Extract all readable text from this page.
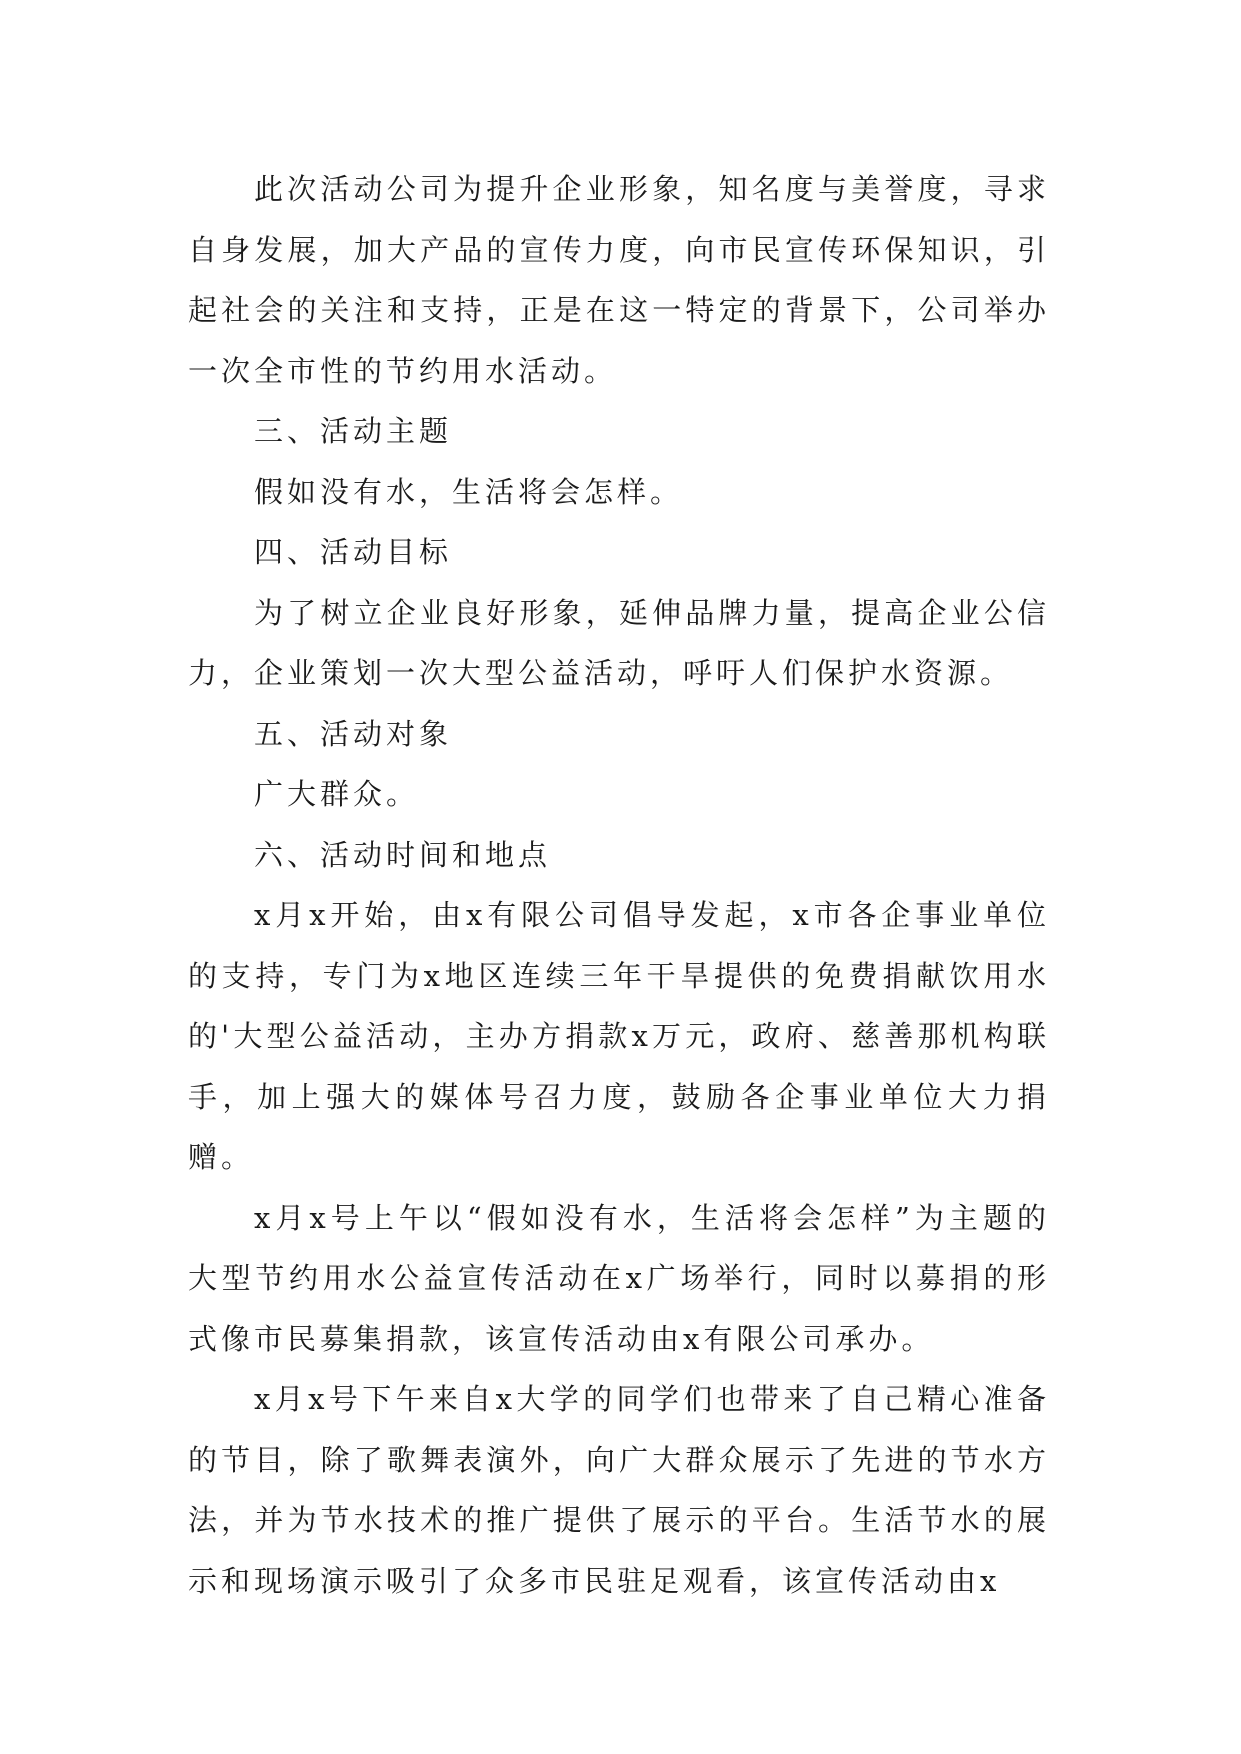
此次活动公司为提升企业形象，知名度与美誉度，寻求自身发展，加大产品的宣传力度，向市民宣传环保知识，引起社会的关注和支持，正是在这一特定的背景下，公司举办一次全市性的节约用水活动。

三、活动主题

假如没有水，生活将会怎样。

四、活动目标

为了树立企业良好形象，延伸品牌力量，提高企业公信力，企业策划一次大型公益活动，呼吁人们保护水资源。

五、活动对象

广大群众。

六、活动时间和地点

x月x开始，由x有限公司倡导发起，x市各企事业单位的支持，专门为x地区连续三年干旱提供的免费捐献饮用水的'大型公益活动，主办方捐款x万元，政府、慈善那机构联手，加上强大的媒体号召力度，鼓励各企事业单位大力捐赠。

x月x号上午以“假如没有水，生活将会怎样”为主题的大型节约用水公益宣传活动在x广场举行，同时以募捐的形式像市民募集捐款，该宣传活动由x有限公司承办。

x月x号下午来自x大学的同学们也带来了自己精心准备的节目，除了歌舞表演外，向广大群众展示了先进的节水方法，并为节水技术的推广提供了展示的平台。生活节水的展示和现场演示吸引了众多市民驻足观看，该宣传活动由x
